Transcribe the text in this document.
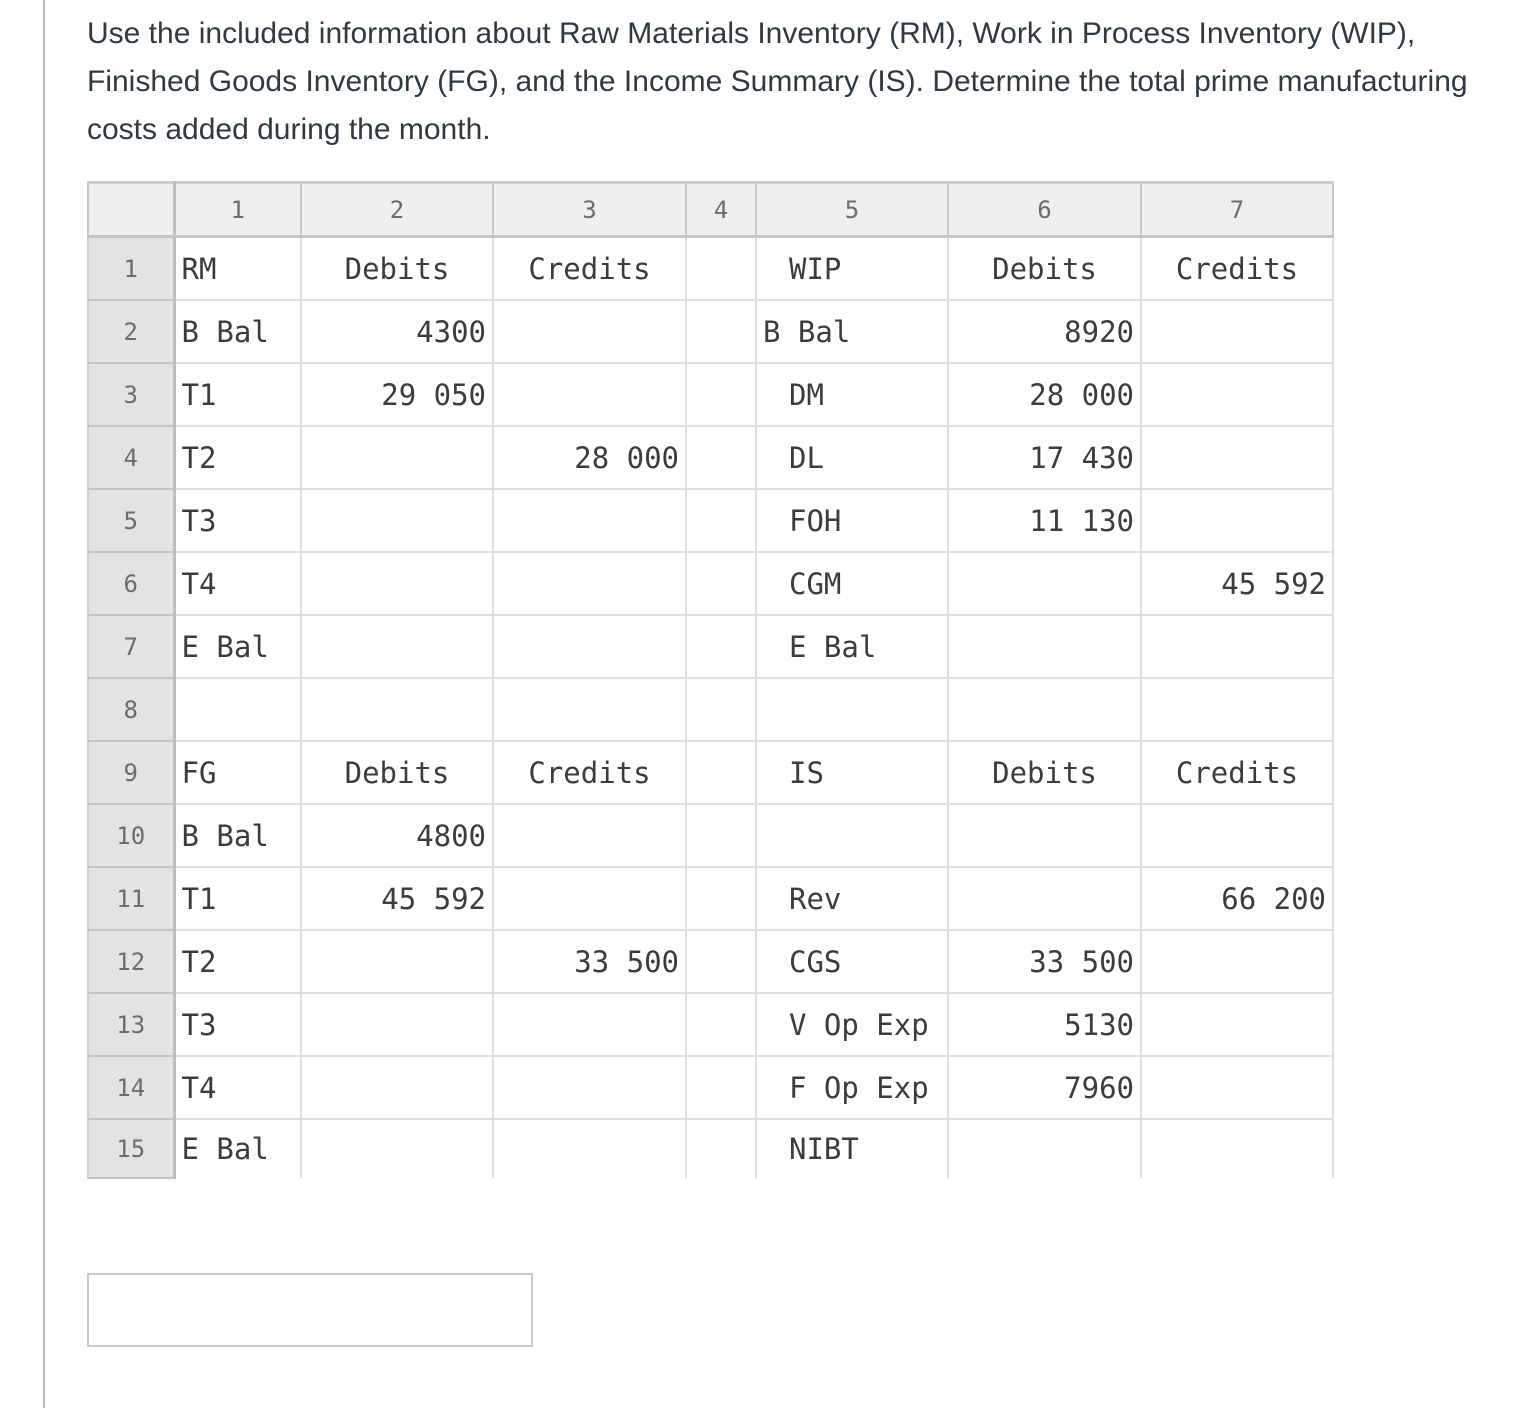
Use the included information about Raw Materials Inventory (RM), Work in Process Inventory (WIP), Finished Goods Inventory (FG), and the Income Summary (IS). Determine the total prime manufacturing costs added during the month.

	1	2	3	4	5	6	7
1	RM	Debits	Credits		WIP	Debits	Credits
2	B Bal	4300			B Bal	8920	
3	T1	29 050			DM	28 000	
4	T2		28 000		DL	17 430	
5	T3				FOH	11 130	
6	T4				CGM		45 592
7	E Bal				E Bal		
8							
9	FG	Debits	Credits		IS	Debits	Credits
10	B Bal	4800					
11	T1	45 592			Rev		66 200
12	T2		33 500		CGS	33 500	
13	T3				V Op Exp	5130	
14	T4				F Op Exp	7960	
15	E Bal				NIBT		
